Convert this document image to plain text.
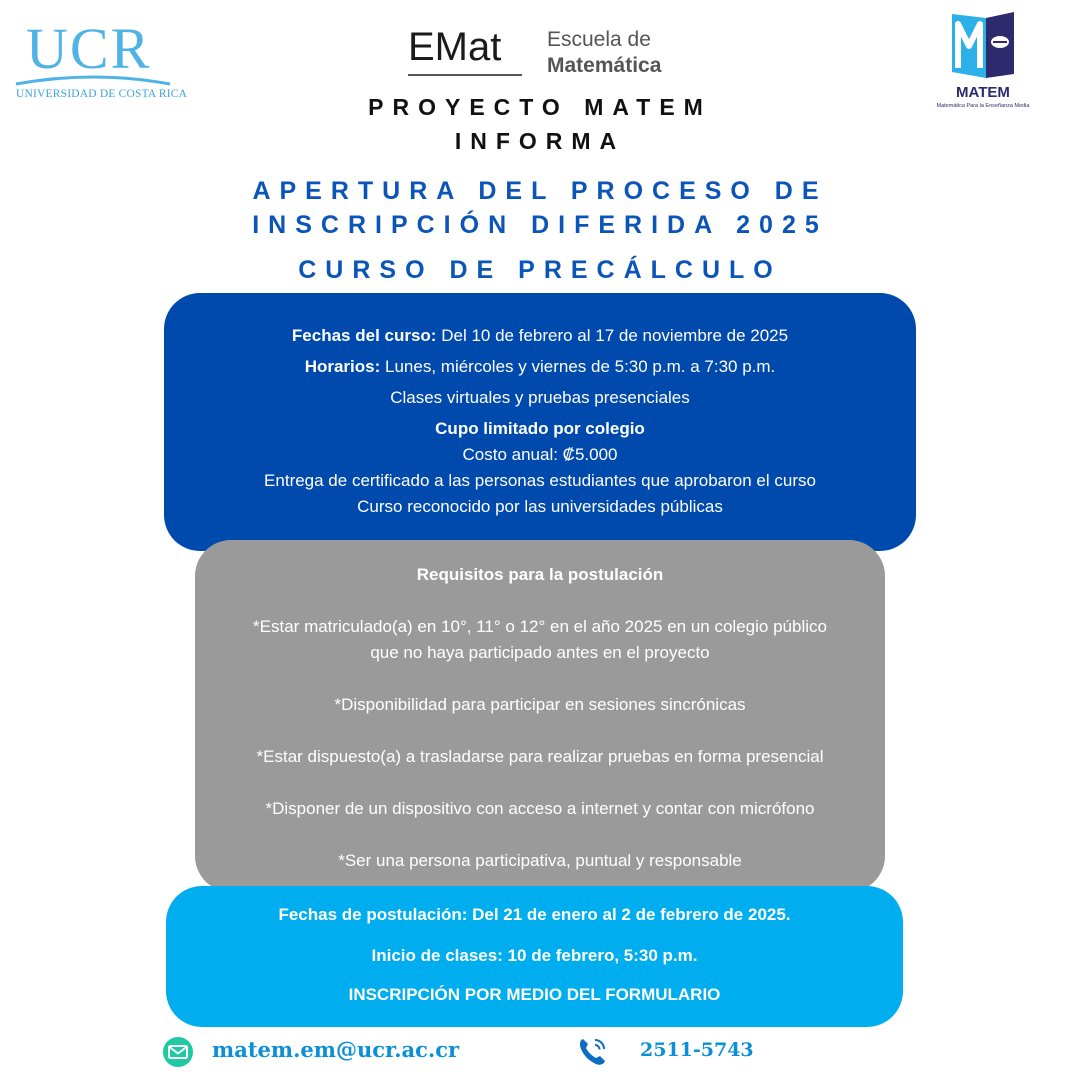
UCR
UNIVERSIDAD DE COSTA RICA
EMat Escuela de
Matemática
MATEM
Matemática Para la Enseñanza Media
PROYECTO MATEM
INFORMA
APERTURA DEL PROCESO DE
INSCRIPCIÓN DIFERIDA 2025
CURSO DE PRECÁLCULO
Fechas del curso: Del 10 de febrero al 17 de noviembre de 2025
Horarios: Lunes, miércoles y viernes de 5:30 p.m. a 7:30 p.m.
Clases virtuales y pruebas presenciales
Cupo limitado por colegio
Costo anual: ₡5.000
Entrega de certificado a las personas estudiantes que aprobaron el curso
Curso reconocido por las universidades públicas
Requisitos para la postulación
*Estar matriculado(a) en 10°, 11° o 12° en el año 2025 en un colegio público
que no haya participado antes en el proyecto
*Disponibilidad para participar en sesiones sincrónicas
*Estar dispuesto(a) a trasladarse para realizar pruebas en forma presencial
*Disponer de un dispositivo con acceso a internet y contar con micrófono
*Ser una persona participativa, puntual y responsable
Fechas de postulación: Del 21 de enero al 2 de febrero de 2025.
Inicio de clases: 10 de febrero, 5:30 p.m.
INSCRIPCIÓN POR MEDIO DEL FORMULARIO
matem.em@ucr.ac.cr	2511-5743
